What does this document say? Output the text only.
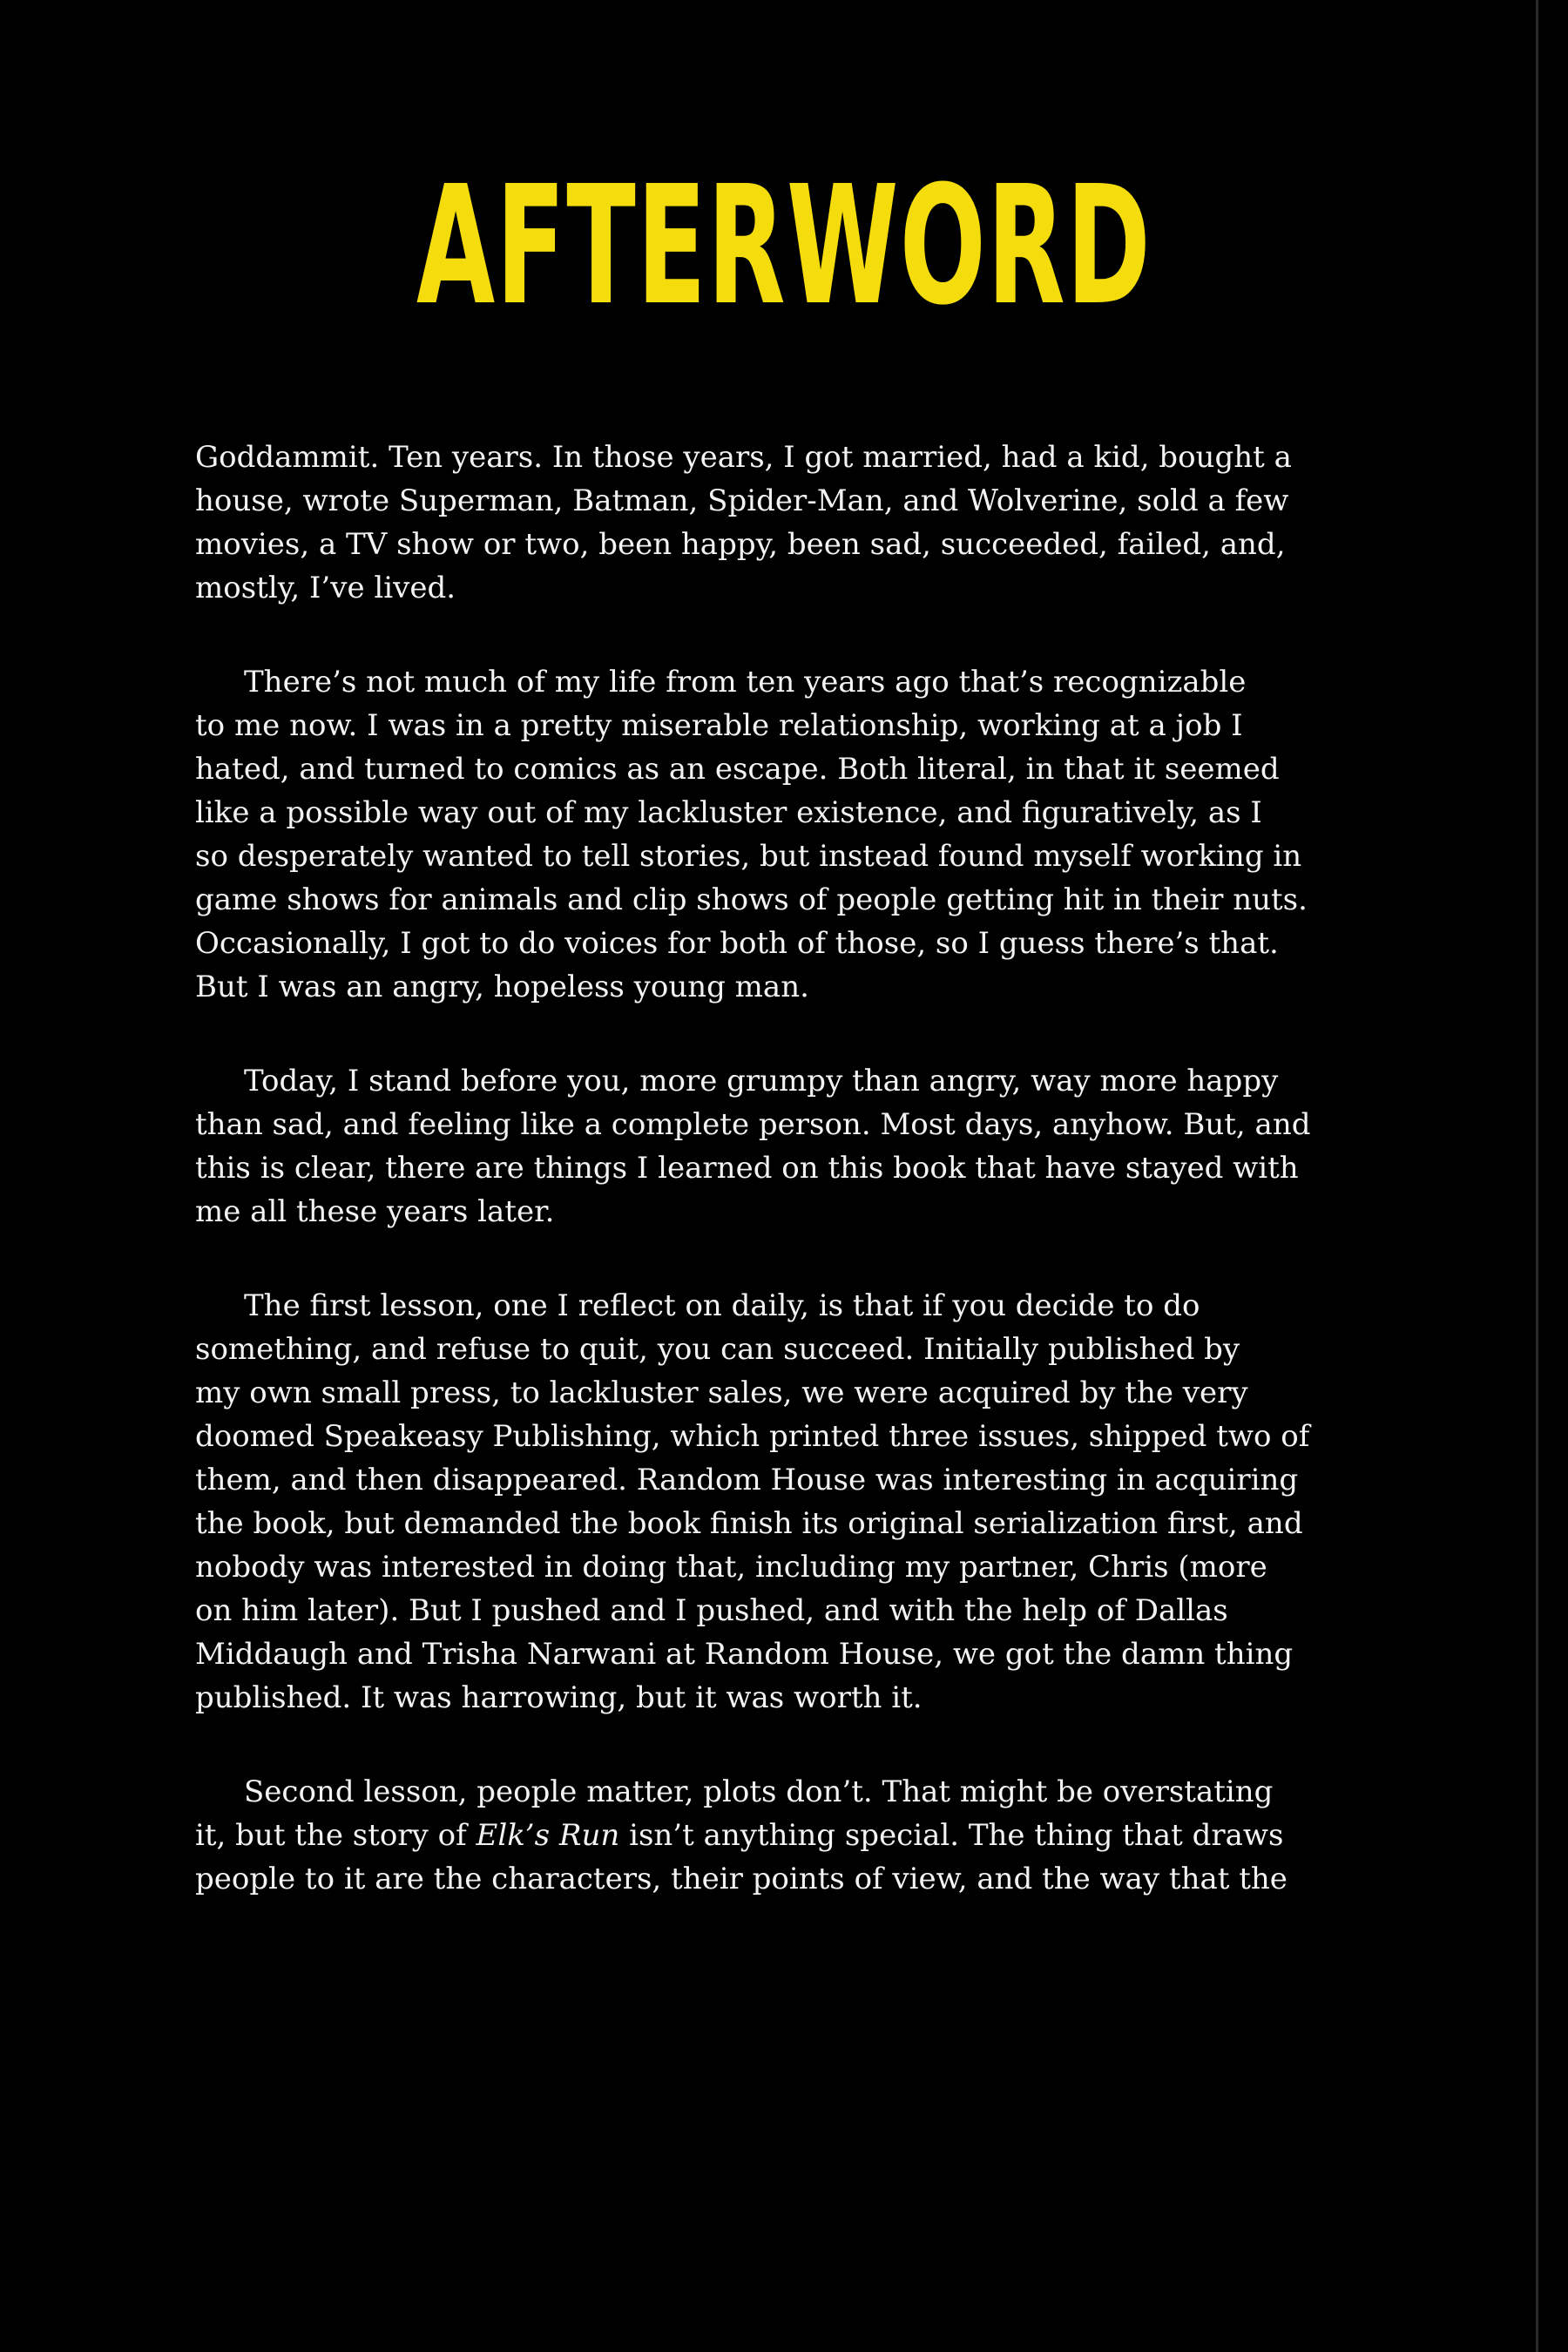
AFTERWORD
Goddammit. Ten years. In those years, I got married, had a kid, bought a
house, wrote Superman, Batman, Spider-Man, and Wolverine, sold a few
movies, a TV show or two, been happy, been sad, succeeded, failed, and,
mostly, I’ve lived.
There’s not much of my life from ten years ago that’s recognizable
to me now. I was in a pretty miserable relationship, working at a job I
hated, and turned to comics as an escape. Both literal, in that it seemed
like a possible way out of my lackluster existence, and figuratively, as I
so desperately wanted to tell stories, but instead found myself working in
game shows for animals and clip shows of people getting hit in their nuts.
Occasionally, I got to do voices for both of those, so I guess there’s that.
But I was an angry, hopeless young man.
Today, I stand before you, more grumpy than angry, way more happy
than sad, and feeling like a complete person. Most days, anyhow. But, and
this is clear, there are things I learned on this book that have stayed with
me all these years later.
The first lesson, one I reflect on daily, is that if you decide to do
something, and refuse to quit, you can succeed. Initially published by
my own small press, to lackluster sales, we were acquired by the very
doomed Speakeasy Publishing, which printed three issues, shipped two of
them, and then disappeared. Random House was interesting in acquiring
the book, but demanded the book finish its original serialization first, and
nobody was interested in doing that, including my partner, Chris (more
on him later). But I pushed and I pushed, and with the help of Dallas
Middaugh and Trisha Narwani at Random House, we got the damn thing
published. It was harrowing, but it was worth it.
Second lesson, people matter, plots don’t. That might be overstating
it, but the story of Elk’s Run isn’t anything special. The thing that draws
people to it are the characters, their points of view, and the way that the
